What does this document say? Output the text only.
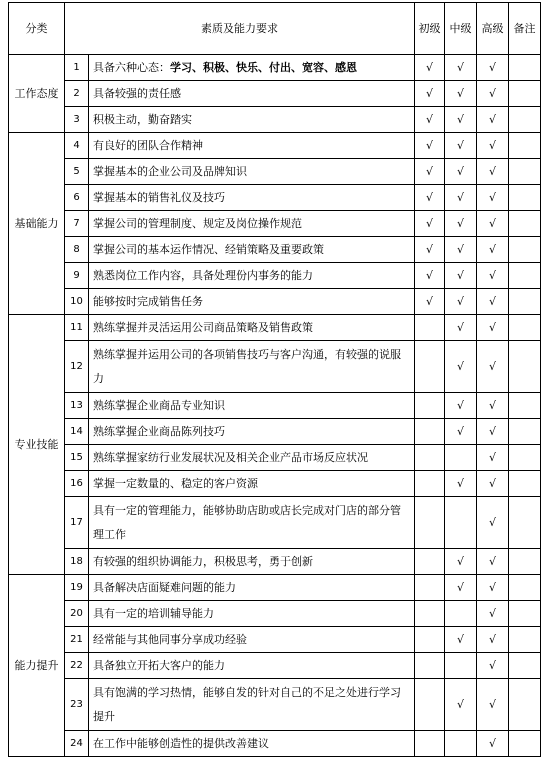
分类	素质及能力要求		初级	中级	高级	备注
工作态度	1	具备六种心态：学习、积极、快乐、付出、宽容、感恩	√	√	√	
	2	具备较强的责任感	√	√	√	
	3	积极主动，勤奋踏实	√	√	√	
基础能力	4	有良好的团队合作精神	√	√	√	
	5	掌握基本的企业公司及品牌知识	√	√	√	
	6	掌握基本的销售礼仪及技巧	√	√	√	
	7	掌握公司的管理制度、规定及岗位操作规范	√	√	√	
	8	掌握公司的基本运作情况、经销策略及重要政策	√	√	√	
	9	熟悉岗位工作内容，具备处理份内事务的能力	√	√	√	
	10	能够按时完成销售任务	√	√	√	
专业技能	11	熟练掌握并灵活运用公司商品策略及销售政策		√	√	
	12	熟练掌握并运用公司的各项销售技巧与客户沟通，有较强的说服力		√	√	
	13	熟练掌握企业商品专业知识		√	√	
	14	熟练掌握企业商品陈列技巧		√	√	
	15	熟练掌握家纺行业发展状况及相关企业产品市场反应状况			√	
	16	掌握一定数量的、稳定的客户资源		√	√	
	17	具有一定的管理能力，能够协助店助或店长完成对门店的部分管理工作			√	
	18	有较强的组织协调能力，积极思考，勇于创新		√	√	
能力提升	19	具备解决店面疑难问题的能力		√	√	
	20	具有一定的培训辅导能力			√	
	21	经常能与其他同事分享成功经验		√	√	
	22	具备独立开拓大客户的能力			√	
	23	具有饱满的学习热情，能够自发的针对自己的不足之处进行学习提升		√	√	
	24	在工作中能够创造性的提供改善建议			√	
